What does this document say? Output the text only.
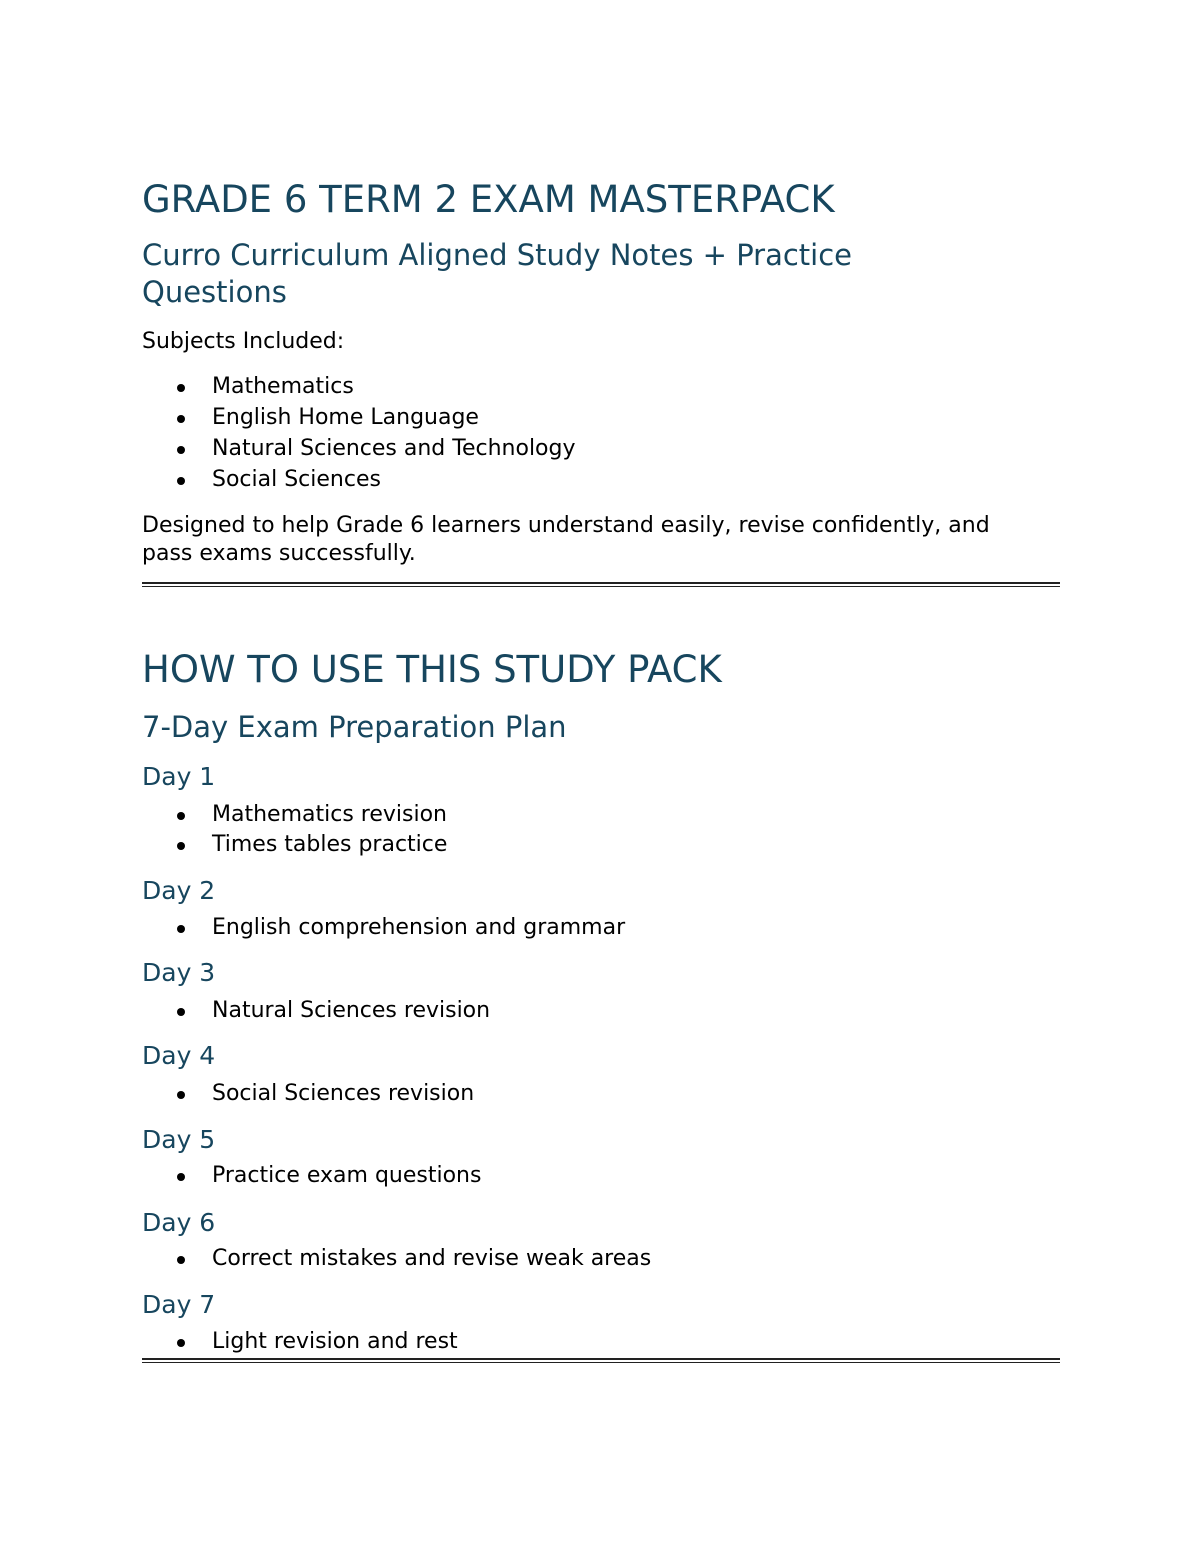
GRADE 6 TERM 2 EXAM MASTERPACK
Curro Curriculum Aligned Study Notes + Practice
Questions

Subjects Included:

Mathematics
English Home Language
Natural Sciences and Technology
Social Sciences

Designed to help Grade 6 learners understand easily, revise confidently, and

pass exams successfully.

HOW TO USE THIS STUDY PACK
7-Day Exam Preparation Plan
Day 1
Mathematics revision
Times tables practice
Day 2
English comprehension and grammar
Day 3
Natural Sciences revision
Day 4
Social Sciences revision
Day 5
Practice exam questions
Day 6
Correct mistakes and revise weak areas
Day 7
Light revision and rest
